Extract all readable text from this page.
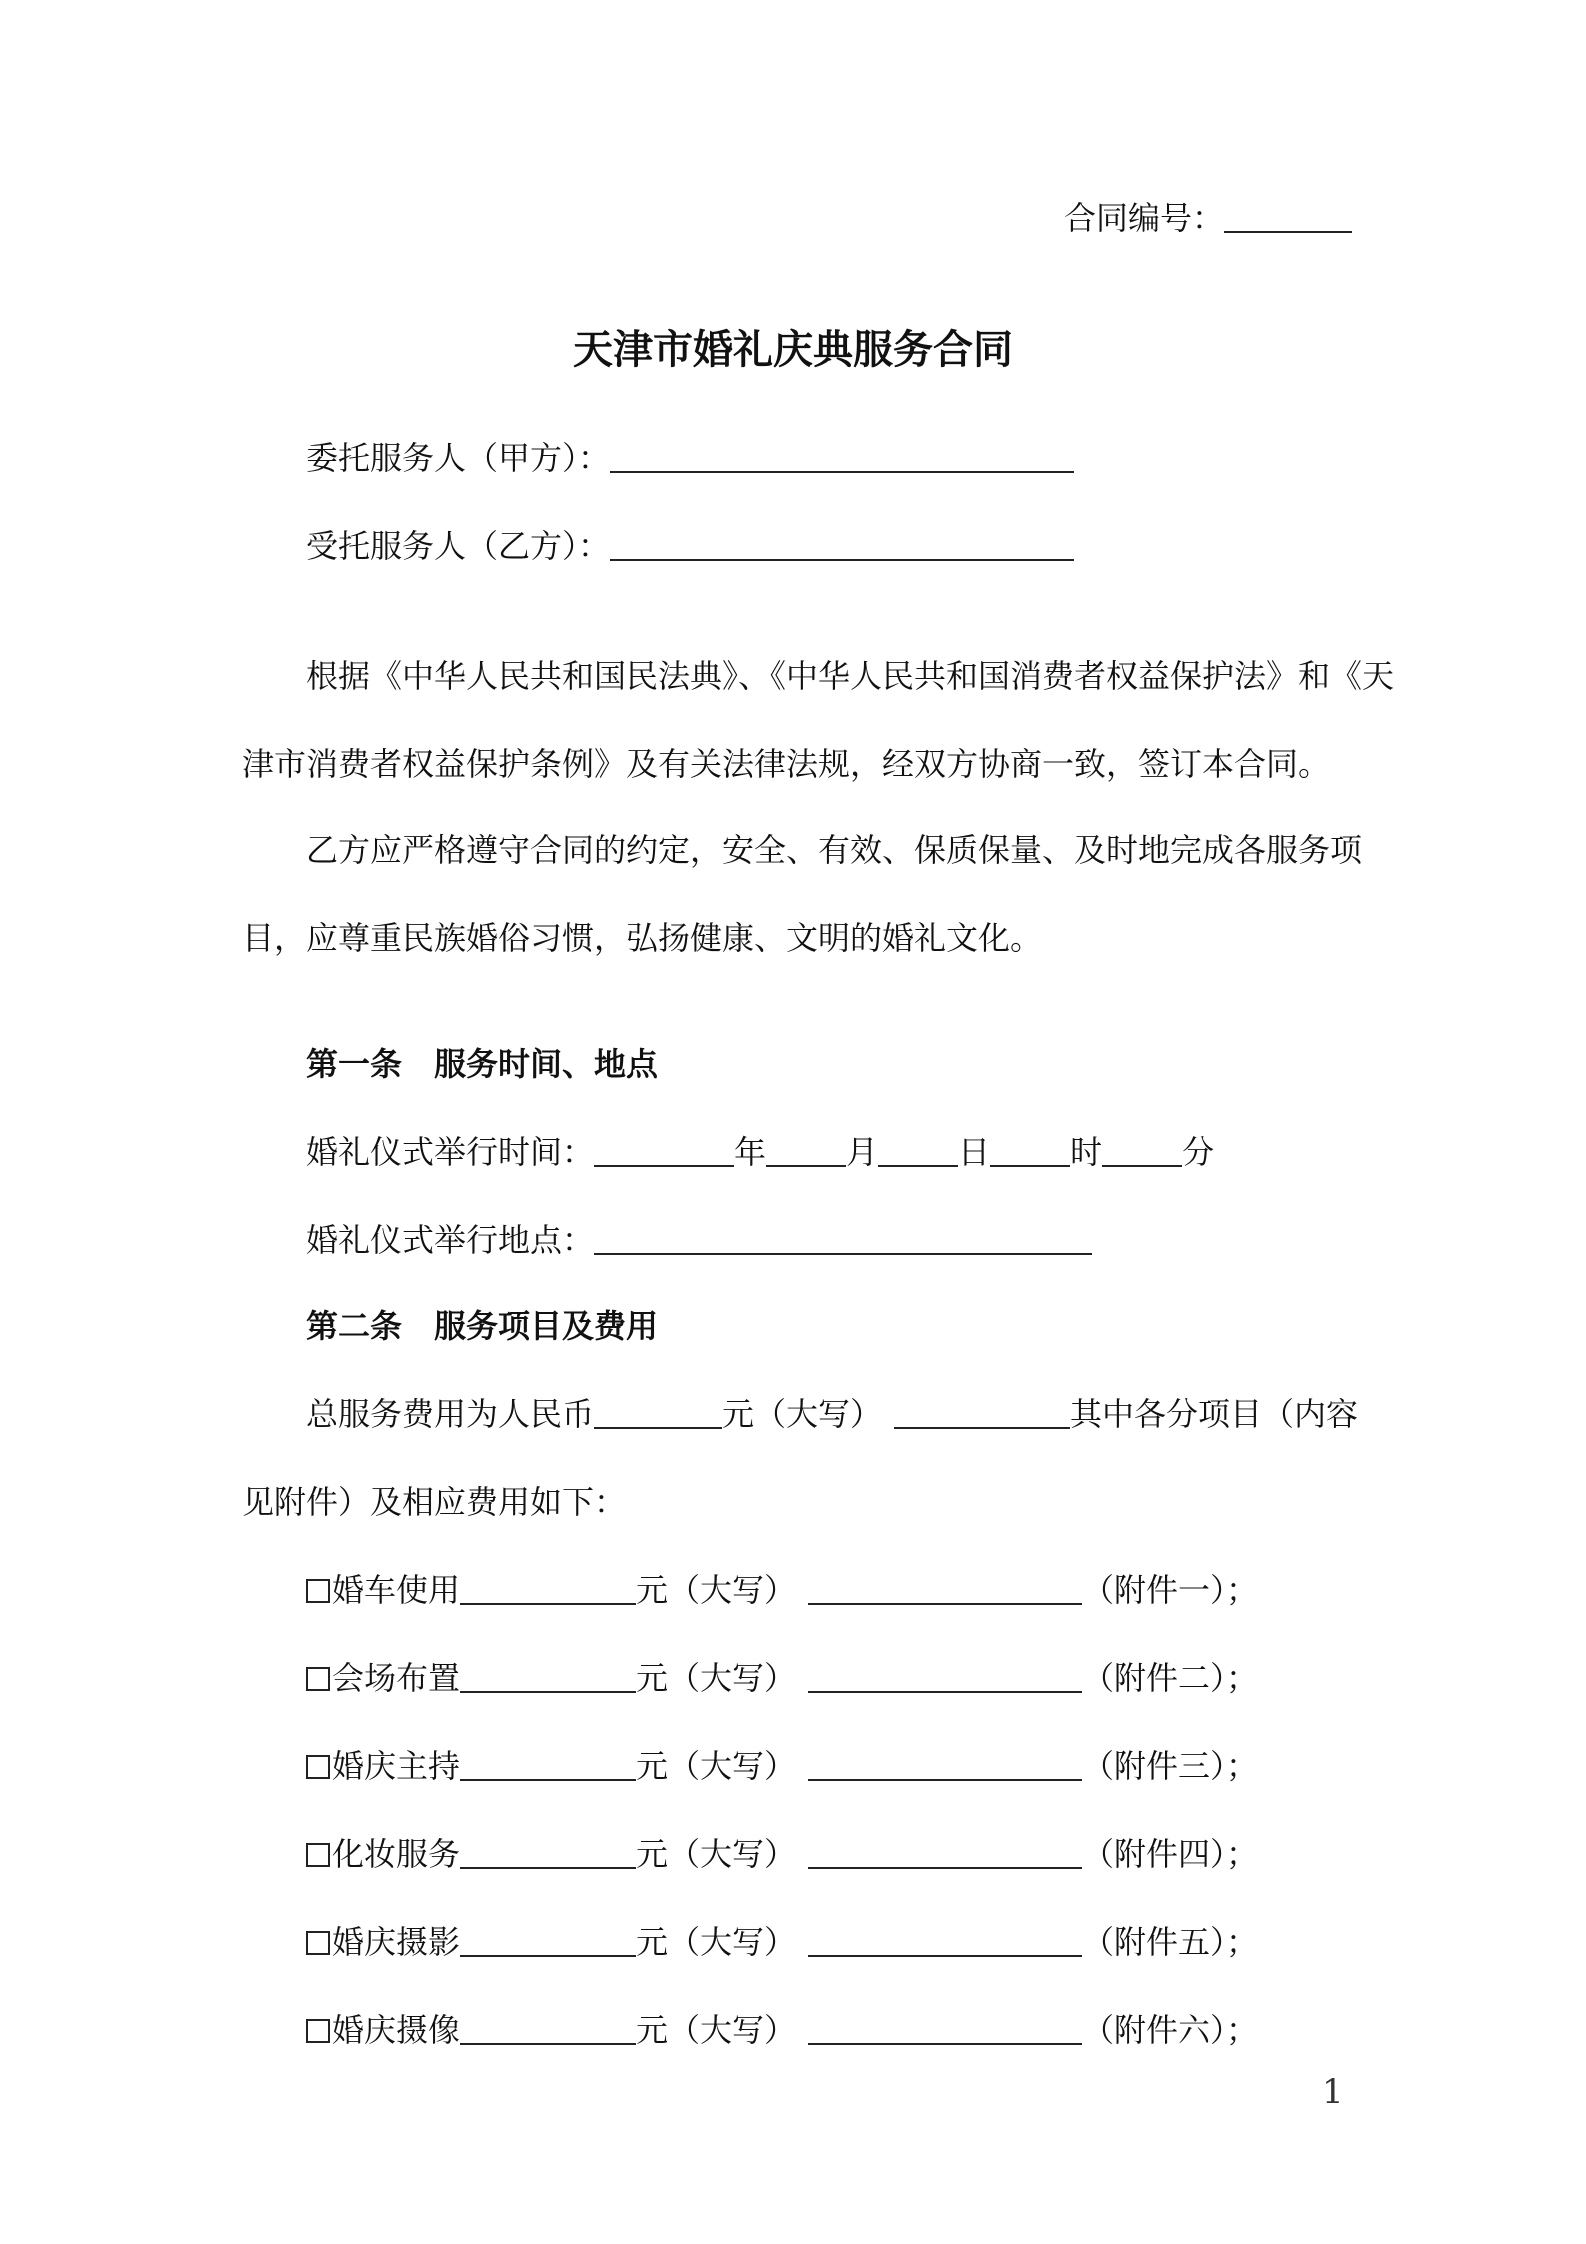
合同编号：
天津市婚礼庆典服务合同
委托服务人（甲方）：
受托服务人（乙方）：
根据《中华人民共和国民法典》、《中华人民共和国消费者权益保护法》和《天
津市消费者权益保护条例》及有关法律法规，经双方协商一致，签订本合同。
乙方应严格遵守合同的约定，安全、有效、保质保量、及时地完成各服务项
目，应尊重民族婚俗习惯，弘扬健康、文明的婚礼文化。
第一条　服务时间、地点
婚礼仪式举行时间：	年	月	日	时	分
婚礼仪式举行地点：
第二条　服务项目及费用
总服务费用为人民币	元（大写）	其中各分项目（内容
见附件）及相应费用如下：
婚车使用	元（大写）	（附件一）；
会场布置	元（大写）	（附件二）；
婚庆主持	元（大写）	（附件三）；
化妆服务	元（大写）	（附件四）；
婚庆摄影	元（大写）	（附件五）；
婚庆摄像	元（大写）	（附件六）；
1
